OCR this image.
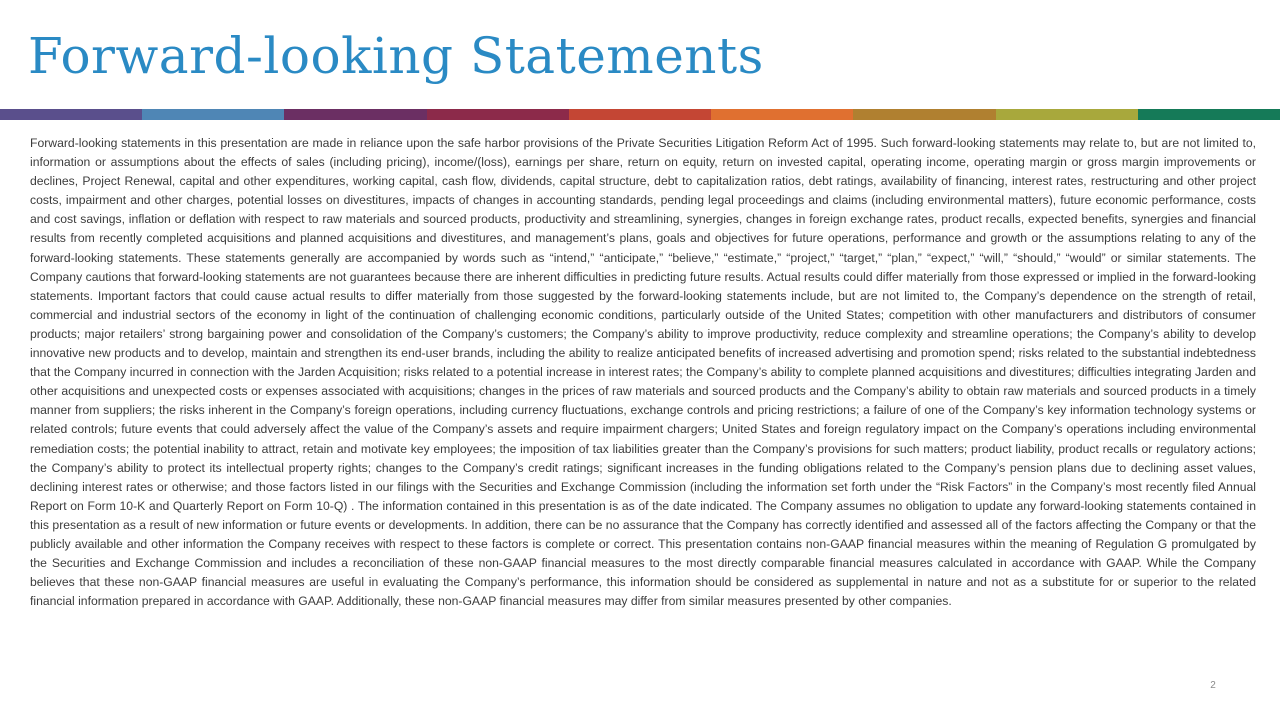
Forward-looking Statements

Forward-looking statements in this presentation are made in reliance upon the safe harbor provisions of the Private Securities Litigation Reform Act of 1995. Such forward-looking statements may relate to, but are not limited to, information or assumptions about the effects of sales (including pricing), income/(loss), earnings per share, return on equity, return on invested capital, operating income, operating margin or gross margin improvements or declines, Project Renewal, capital and other expenditures, working capital, cash flow, dividends, capital structure, debt to capitalization ratios, debt ratings, availability of financing, interest rates, restructuring and other project costs, impairment and other charges, potential losses on divestitures, impacts of changes in accounting standards, pending legal proceedings and claims (including environmental matters), future economic performance, costs and cost savings, inflation or deflation with respect to raw materials and sourced products, productivity and streamlining, synergies, changes in foreign exchange rates, product recalls, expected benefits, synergies and financial results from recently completed acquisitions and planned acquisitions and divestitures, and management’s plans, goals and objectives for future operations, performance and growth or the assumptions relating to any of the forward-looking statements. These statements generally are accompanied by words such as “intend,” “anticipate,” “believe,” “estimate,” “project,” “target,” “plan,” “expect,” “will,” “should,” “would” or similar statements. The Company cautions that forward-looking statements are not guarantees because there are inherent difficulties in predicting future results. Actual results could differ materially from those expressed or implied in the forward-looking statements. Important factors that could cause actual results to differ materially from those suggested by the forward-looking statements include, but are not limited to, the Company’s dependence on the strength of retail, commercial and industrial sectors of the economy in light of the continuation of challenging economic conditions, particularly outside of the United States; competition with other manufacturers and distributors of consumer products; major retailers’ strong bargaining power and consolidation of the Company’s customers; the Company’s ability to improve productivity, reduce complexity and streamline operations; the Company’s ability to develop innovative new products and to develop, maintain and strengthen its end-user brands, including the ability to realize anticipated benefits of increased advertising and promotion spend; risks related to the substantial indebtedness that the Company incurred in connection with the Jarden Acquisition; risks related to a potential increase in interest rates; the Company’s ability to complete planned acquisitions and divestitures; difficulties integrating Jarden and other acquisitions and unexpected costs or expenses associated with acquisitions; changes in the prices of raw materials and sourced products and the Company’s ability to obtain raw materials and sourced products in a timely manner from suppliers; the risks inherent in the Company’s foreign operations, including currency fluctuations, exchange controls and pricing restrictions; a failure of one of the Company’s key information technology systems or related controls; future events that could adversely affect the value of the Company’s assets and require impairment chargers; United States and foreign regulatory impact on the Company’s operations including environmental remediation costs; the potential inability to attract, retain and motivate key employees; the imposition of tax liabilities greater than the Company’s provisions for such matters; product liability, product recalls or regulatory actions; the Company’s ability to protect its intellectual property rights; changes to the Company’s credit ratings; significant increases in the funding obligations related to the Company’s pension plans due to declining asset values, declining interest rates or otherwise; and those factors listed in our filings with the Securities and Exchange Commission (including the information set forth under the “Risk Factors” in the Company’s most recently filed Annual Report on Form 10-K and Quarterly Report on Form 10-Q) . The information contained in this presentation is as of the date indicated. The Company assumes no obligation to update any forward-looking statements contained in this presentation as a result of new information or future events or developments. In addition, there can be no assurance that the Company has correctly identified and assessed all of the factors affecting the Company or that the publicly available and other information the Company receives with respect to these factors is complete or correct. This presentation contains non-GAAP financial measures within the meaning of Regulation G promulgated by the Securities and Exchange Commission and includes a reconciliation of these non-GAAP financial measures to the most directly comparable financial measures calculated in accordance with GAAP. While the Company believes that these non-GAAP financial measures are useful in evaluating the Company’s performance, this information should be considered as supplemental in nature and not as a substitute for or superior to the related financial information prepared in accordance with GAAP. Additionally, these non-GAAP financial measures may differ from similar measures presented by other companies.

2
